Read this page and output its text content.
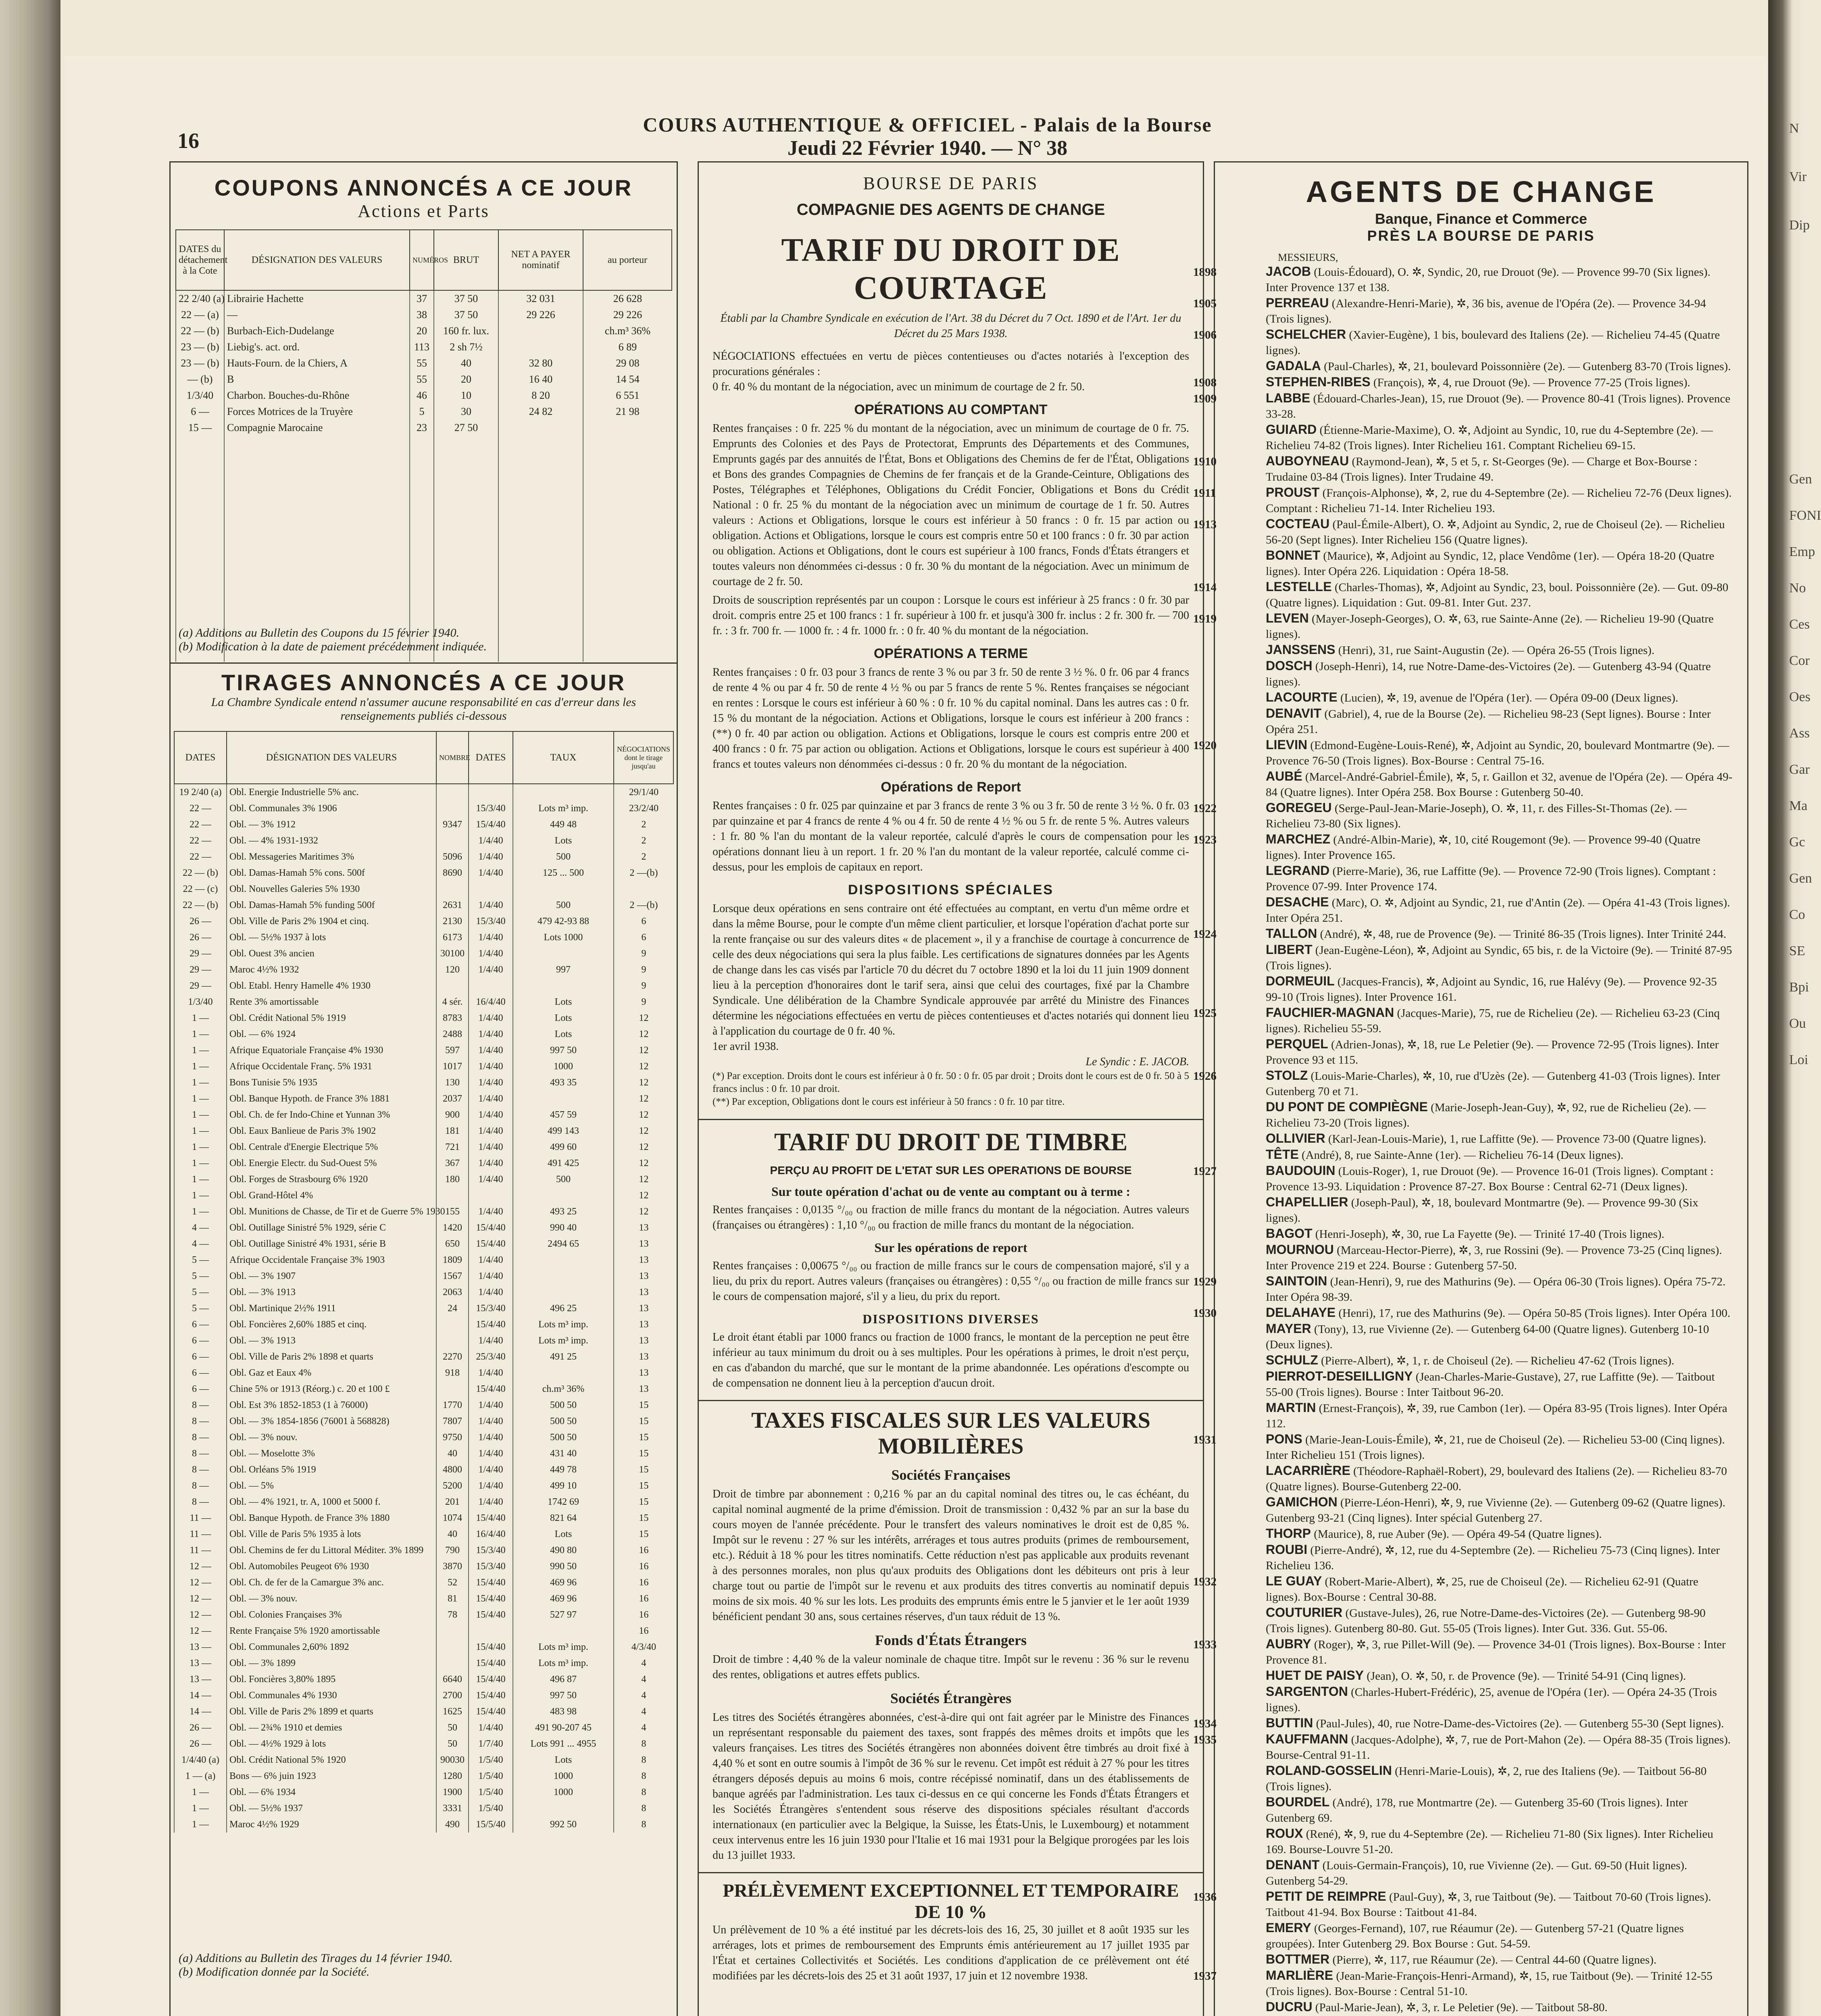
16
COURS AUTHENTIQUE & OFFICIEL - Palais de la Bourse
Jeudi 22 Février 1940. — N° 38
COUPONS ANNONCÉS A CE JOUR
Actions et Parts
DATES du détachement à la Cote	DÉSIGNATION DES VALEURS	NUMÉROS	BRUT	NET A PAYER nominatif	au porteur
22 2/40 (a)	Librairie Hachette	37	37 50	32 031	26 628
22 — (a)	—	38	37 50	29 226	29 226
22 — (b)	Burbach-Eich-Dudelange	20	160 fr. lux.		ch.m³ 36%
23 — (b)	Liebig's. act. ord.	113	2 sh 7½		6 89
23 — (b)	Hauts-Fourn. de la Chiers, A	55	40	32 80	29 08
— (b)	B	55	20	16 40	14 54
1/3/40	Charbon. Bouches-du-Rhône	46	10	8 20	6 551
6 —	Forces Motrices de la Truyère	5	30	24 82	21 98
15 —	Compagnie Marocaine	23	27 50		

(a) Additions au Bulletin des Coupons du 15 février 1940.
(b) Modification à la date de paiement précédemment indiquée.
TIRAGES ANNONCÉS A CE JOUR
La Chambre Syndicale entend n'assumer aucune responsabilité en cas d'erreur dans les renseignements publiés ci-dessous
DATES	DÉSIGNATION DES VALEURS	NOMBRE	DATES	TAUX	NÉGOCIATIONS dont le tirage jusqu'au
19 2/40 (a)	Obl. Energie Industrielle 5% anc.				29/1/40
22 —	Obl. Communales 3% 1906		15/3/40	Lots m³ imp.	23/2/40
22 —	Obl. — 3% 1912	9347	15/4/40	449 48	2
22 —	Obl. — 4% 1931-1932		1/4/40	Lots	2
22 —	Obl. Messageries Maritimes 3%	5096	1/4/40	500	2
22 — (b)	Obl. Damas-Hamah 5% cons. 500f	8690	1/4/40	125 ... 500	2 —(b)
22 — (c)	Obl. Nouvelles Galeries 5% 1930				
22 — (b)	Obl. Damas-Hamah 5% funding 500f	2631	1/4/40	500	2 —(b)
26 —	Obl. Ville de Paris 2% 1904 et cinq.	2130	15/3/40	479 42-93 88	6
26 —	Obl. — 5½% 1937 à lots	6173	1/4/40	Lots 1000	6
29 —	Obl. Ouest 3% ancien	30100	1/4/40		9
29 —	Maroc 4½% 1932	120	1/4/40	997	9
29 —	Obl. Etabl. Henry Hamelle 4% 1930				9
1/3/40	Rente 3% amortissable	4 sér.	16/4/40	Lots	9
1 —	Obl. Crédit National 5% 1919	8783	1/4/40	Lots	12
1 —	Obl. — 6% 1924	2488	1/4/40	Lots	12
1 —	Afrique Equatoriale Française 4% 1930	597	1/4/40	997 50	12
1 —	Afrique Occidentale Franç. 5% 1931	1017	1/4/40	1000	12
1 —	Bons Tunisie 5% 1935	130	1/4/40	493 35	12
1 —	Obl. Banque Hypoth. de France 3% 1881	2037	1/4/40		12
1 —	Obl. Ch. de fer Indo-Chine et Yunnan 3%	900	1/4/40	457 59	12
1 —	Obl. Eaux Banlieue de Paris 3% 1902	181	1/4/40	499 143	12
1 —	Obl. Centrale d'Energie Electrique 5%	721	1/4/40	499 60	12
1 —	Obl. Energie Electr. du Sud-Ouest 5%	367	1/4/40	491 425	12
1 —	Obl. Forges de Strasbourg 6% 1920	180	1/4/40	500	12
1 —	Obl. Grand-Hôtel 4%				12
1 —	Obl. Munitions de Chasse, de Tir et de Guerre 5% 1930	155	1/4/40	493 25	12
4 —	Obl. Outillage Sinistré 5% 1929, série C	1420	15/4/40	990 40	13
4 —	Obl. Outillage Sinistré 4% 1931, série B	650	15/4/40	2494 65	13
5 —	Afrique Occidentale Française 3% 1903	1809	1/4/40		13
5 —	Obl. — 3% 1907	1567	1/4/40		13
5 —	Obl. — 3% 1913	2063	1/4/40		13
5 —	Obl. Martinique 2½% 1911	24	15/3/40	496 25	13
6 —	Obl. Foncières 2,60% 1885 et cinq.		15/4/40	Lots m³ imp.	13
6 —	Obl. — 3% 1913		1/4/40	Lots m³ imp.	13
6 —	Obl. Ville de Paris 2% 1898 et quarts	2270	25/3/40	491 25	13
6 —	Obl. Gaz et Eaux 4%	918	1/4/40		13
6 —	Chine 5% or 1913 (Réorg.) c. 20 et 100 £		15/4/40	ch.m³ 36%	13
8 —	Obl. Est 3% 1852-1853 (1 à 76000)	1770	1/4/40	500 50	15
8 —	Obl. — 3% 1854-1856 (76001 à 568828)	7807	1/4/40	500 50	15
8 —	Obl. — 3% nouv.	9750	1/4/40	500 50	15
8 —	Obl. — Moselotte 3%	40	1/4/40	431 40	15
8 —	Obl. Orléans 5% 1919	4800	1/4/40	449 78	15
8 —	Obl. — 5%	5200	1/4/40	499 10	15
8 —	Obl. — 4% 1921, tr. A, 1000 et 5000 f.	201	1/4/40	1742 69	15
11 —	Obl. Banque Hypoth. de France 3% 1880	1074	15/4/40	821 64	15
11 —	Obl. Ville de Paris 5% 1935 à lots	40	16/4/40	Lots	15
11 —	Obl. Chemins de fer du Littoral Méditer. 3% 1899	790	15/3/40	490 80	16
12 —	Obl. Automobiles Peugeot 6% 1930	3870	15/3/40	990 50	16
12 —	Obl. Ch. de fer de la Camargue 3% anc.	52	15/4/40	469 96	16
12 —	Obl. — 3% nouv.	81	15/4/40	469 96	16
12 —	Obl. Colonies Françaises 3%	78	15/4/40	527 97	16
12 —	Rente Française 5% 1920 amortissable				16
13 —	Obl. Communales 2,60% 1892		15/4/40	Lots m³ imp.	4/3/40
13 —	Obl. — 3% 1899		15/4/40	Lots m³ imp.	4
13 —	Obl. Foncières 3,80% 1895	6640	15/4/40	496 87	4
14 —	Obl. Communales 4% 1930	2700	15/4/40	997 50	4
14 —	Obl. Ville de Paris 2% 1899 et quarts	1625	15/4/40	483 98	4
26 —	Obl. — 2¾% 1910 et demies	50	1/4/40	491 90-207 45	4
26 —	Obl. — 4½% 1929 à lots	50	1/7/40	Lots 991 ... 4955	8
1/4/40 (a)	Obl. Crédit National 5% 1920	90030	1/5/40	Lots	8
1 — (a)	Bons — 6% juin 1923	1280	1/5/40	1000	8
1 —	Obl. — 6% 1934	1900	1/5/40	1000	8
1 —	Obl. — 5½% 1937	3331	1/5/40		8
1 —	Maroc 4½% 1929	490	15/5/40	992 50	8
(a) Additions au Bulletin des Tirages du 14 février 1940.
(b) Modification donnée par la Société.
BOURSE DE PARIS
COMPAGNIE DES AGENTS DE CHANGE
TARIF DU DROIT DE COURTAGE
Établi par la Chambre Syndicale en exécution de l'Art. 38 du Décret du 7 Oct. 1890 et de l'Art. 1er du Décret du 25 Mars 1938.
NÉGOCIATIONS effectuées en vertu de pièces contentieuses ou d'actes notariés à l'exception des procurations générales :
0 fr. 40 % du montant de la négociation, avec un minimum de courtage de 2 fr. 50.
OPÉRATIONS AU COMPTANT
Rentes françaises : 0 fr. 225 % du montant de la négociation, avec un minimum de courtage de 0 fr. 75. Emprunts des Colonies et des Pays de Protectorat, Emprunts des Départements et des Communes, Emprunts gagés par des annuités de l'État, Bons et Obligations des Chemins de fer de l'État, Obligations et Bons des grandes Compagnies de Chemins de fer français et de la Grande-Ceinture, Obligations des Postes, Télégraphes et Téléphones, Obligations du Crédit Foncier, Obligations et Bons du Crédit National : 0 fr. 25 % du montant de la négociation avec un minimum de courtage de 1 fr. 50. Autres valeurs : Actions et Obligations, lorsque le cours est inférieur à 50 francs : 0 fr. 15 par action ou obligation. Actions et Obligations, lorsque le cours est compris entre 50 et 100 francs : 0 fr. 30 par action ou obligation. Actions et Obligations, dont le cours est supérieur à 100 francs, Fonds d'États étrangers et toutes valeurs non dénommées ci-dessus : 0 fr. 30 % du montant de la négociation. Avec un minimum de courtage de 2 fr. 50.
Droits de souscription représentés par un coupon : Lorsque le cours est inférieur à 25 francs : 0 fr. 30 par droit. compris entre 25 et 100 francs : 1 fr. supérieur à 100 fr. et jusqu'à 300 fr. inclus : 2 fr. 300 fr. — 700 fr. : 3 fr. 700 fr. — 1000 fr. : 4 fr. 1000 fr. : 0 fr. 40 % du montant de la négociation.
OPÉRATIONS A TERME
Rentes françaises : 0 fr. 03 pour 3 francs de rente 3 % ou par 3 fr. 50 de rente 3 ½ %. 0 fr. 06 par 4 francs de rente 4 % ou par 4 fr. 50 de rente 4 ½ % ou par 5 francs de rente 5 %. Rentes françaises se négociant en rentes : Lorsque le cours est inférieur à 60 % : 0 fr. 10 % du capital nominal. Dans les autres cas : 0 fr. 15 % du montant de la négociation. Actions et Obligations, lorsque le cours est inférieur à 200 francs : (**) 0 fr. 40 par action ou obligation. Actions et Obligations, lorsque le cours est compris entre 200 et 400 francs : 0 fr. 75 par action ou obligation. Actions et Obligations, lorsque le cours est supérieur à 400 francs et toutes valeurs non dénommées ci-dessus : 0 fr. 20 % du montant de la négociation.
Opérations de Report
Rentes françaises : 0 fr. 025 par quinzaine et par 3 francs de rente 3 % ou 3 fr. 50 de rente 3 ½ %. 0 fr. 03 par quinzaine et par 4 francs de rente 4 % ou 4 fr. 50 de rente 4 ½ % ou 5 fr. de rente 5 %. Autres valeurs : 1 fr. 80 % l'an du montant de la valeur reportée, calculé d'après le cours de compensation pour les opérations donnant lieu à un report. 1 fr. 20 % l'an du montant de la valeur reportée, calculé comme ci-dessus, pour les emplois de capitaux en report.
DISPOSITIONS SPÉCIALES
Lorsque deux opérations en sens contraire ont été effectuées au comptant, en vertu d'un même ordre et dans la même Bourse, pour le compte d'un même client particulier, et lorsque l'opération d'achat porte sur la rente française ou sur des valeurs dites « de placement », il y a franchise de courtage à concurrence de celle des deux négociations qui sera la plus faible. Les certifications de signatures données par les Agents de change dans les cas visés par l'article 70 du décret du 7 octobre 1890 et la loi du 11 juin 1909 donnent lieu à la perception d'honoraires dont le tarif sera, ainsi que celui des courtages, fixé par la Chambre Syndicale. Une délibération de la Chambre Syndicale approuvée par arrêté du Ministre des Finances détermine les négociations effectuées en vertu de pièces contentieuses et d'actes notariés qui donnent lieu à l'application du courtage de 0 fr. 40 %.
1er avril 1938.
Le Syndic : E. JACOB.
(*) Par exception. Droits dont le cours est inférieur à 0 fr. 50 : 0 fr. 05 par droit ; Droits dont le cours est de 0 fr. 50 à 5 francs inclus : 0 fr. 10 par droit.
(**) Par exception, Obligations dont le cours est inférieur à 50 francs : 0 fr. 10 par titre.
TARIF DU DROIT DE TIMBRE
PERÇU AU PROFIT DE L'ETAT SUR LES OPERATIONS DE BOURSE
Sur toute opération d'achat ou de vente au comptant ou à terme :
Rentes françaises : 0,0135 °/₀₀ ou fraction de mille francs du montant de la négociation. Autres valeurs (françaises ou étrangères) : 1,10 °/₀₀ ou fraction de mille francs du montant de la négociation.
Sur les opérations de report
Rentes françaises : 0,00675 °/₀₀ ou fraction de mille francs sur le cours de compensation majoré, s'il y a lieu, du prix du report. Autres valeurs (françaises ou étrangères) : 0,55 °/₀₀ ou fraction de mille francs sur le cours de compensation majoré, s'il y a lieu, du prix du report.
DISPOSITIONS DIVERSES
Le droit étant établi par 1000 francs ou fraction de 1000 francs, le montant de la perception ne peut être inférieur au taux minimum du droit ou à ses multiples. Pour les opérations à primes, le droit n'est perçu, en cas d'abandon du marché, que sur le montant de la prime abandonnée. Les opérations d'escompte ou de compensation ne donnent lieu à la perception d'aucun droit.
TAXES FISCALES SUR LES VALEURS MOBILIÈRES
Sociétés Françaises
Droit de timbre par abonnement : 0,216 % par an du capital nominal des titres ou, le cas échéant, du capital nominal augmenté de la prime d'émission. Droit de transmission : 0,432 % par an sur la base du cours moyen de l'année précédente. Pour le transfert des valeurs nominatives le droit est de 0,85 %. Impôt sur le revenu : 27 % sur les intérêts, arrérages et tous autres produits (primes de remboursement, etc.). Réduit à 18 % pour les titres nominatifs. Cette réduction n'est pas applicable aux produits revenant à des personnes morales, non plus qu'aux produits des Obligations dont les débiteurs ont pris à leur charge tout ou partie de l'impôt sur le revenu et aux produits des titres convertis au nominatif depuis moins de six mois. 40 % sur les lots. Les produits des emprunts émis entre le 5 janvier et le 1er août 1939 bénéficient pendant 30 ans, sous certaines réserves, d'un taux réduit de 13 %.
Fonds d'États Étrangers
Droit de timbre : 4,40 % de la valeur nominale de chaque titre. Impôt sur le revenu : 36 % sur le revenu des rentes, obligations et autres effets publics.
Sociétés Étrangères
Les titres des Sociétés étrangères abonnées, c'est-à-dire qui ont fait agréer par le Ministre des Finances un représentant responsable du paiement des taxes, sont frappés des mêmes droits et impôts que les valeurs françaises. Les titres des Sociétés étrangères non abonnées doivent être timbrés au droit fixé à 4,40 % et sont en outre soumis à l'impôt de 36 % sur le revenu. Cet impôt est réduit à 27 % pour les titres étrangers déposés depuis au moins 6 mois, contre récépissé nominatif, dans un des établissements de banque agréés par l'administration. Les taux ci-dessus en ce qui concerne les Fonds d'États Étrangers et les Sociétés Étrangères s'entendent sous réserve des dispositions spéciales résultant d'accords internationaux (en particulier avec la Belgique, la Suisse, les États-Unis, le Luxembourg) et notamment ceux intervenus entre les 16 juin 1930 pour l'Italie et 16 mai 1931 pour la Belgique prorogées par les lois du 13 juillet 1933.
PRÉLÈVEMENT EXCEPTIONNEL ET TEMPORAIRE DE 10 %
Un prélèvement de 10 % a été institué par les décrets-lois des 16, 25, 30 juillet et 8 août 1935 sur les arrérages, lots et primes de remboursement des Emprunts émis antérieurement au 17 juillet 1935 par l'État et certaines Collectivités et Sociétés. Les conditions d'application de ce prélèvement ont été modifiées par les décrets-lois des 25 et 31 août 1937, 17 juin et 12 novembre 1938.
AGENTS DE CHANGE
Banque, Finance et Commerce
PRÈS LA BOURSE DE PARIS
MESSIEURS,
1898	JACOB (Louis-Édouard), O. ✲, Syndic, 20, rue Drouot (9e). — Provence 99-70 (Six lignes). Inter Provence 137 et 138.
1905	PERREAU (Alexandre-Henri-Marie), ✲, 36 bis, avenue de l'Opéra (2e). — Provence 34-94 (Trois lignes).
1906	SCHELCHER (Xavier-Eugène), 1 bis, boulevard des Italiens (2e). — Richelieu 74-45 (Quatre lignes).
GADALA (Paul-Charles), ✲, 21, boulevard Poissonnière (2e). — Gutenberg 83-70 (Trois lignes).
1908	STEPHEN-RIBES (François), ✲, 4, rue Drouot (9e). — Provence 77-25 (Trois lignes).
1909	LABBE (Édouard-Charles-Jean), 15, rue Drouot (9e). — Provence 80-41 (Trois lignes). Provence 33-28.
GUIARD (Étienne-Marie-Maxime), O. ✲, Adjoint au Syndic, 10, rue du 4-Septembre (2e). — Richelieu 74-82 (Trois lignes). Inter Richelieu 161. Comptant Richelieu 69-15.
1910	AUBOYNEAU (Raymond-Jean), ✲, 5 et 5, r. St-Georges (9e). — Charge et Box-Bourse : Trudaine 03-84 (Trois lignes). Inter Trudaine 49.
1911	PROUST (François-Alphonse), ✲, 2, rue du 4-Septembre (2e). — Richelieu 72-76 (Deux lignes). Comptant : Richelieu 71-14. Inter Richelieu 193.
1913	COCTEAU (Paul-Émile-Albert), O. ✲, Adjoint au Syndic, 2, rue de Choiseul (2e). — Richelieu 56-20 (Sept lignes). Inter Richelieu 156 (Quatre lignes).
BONNET (Maurice), ✲, Adjoint au Syndic, 12, place Vendôme (1er). — Opéra 18-20 (Quatre lignes). Inter Opéra 226. Liquidation : Opéra 18-58.
1914	LESTELLE (Charles-Thomas), ✲, Adjoint au Syndic, 23, boul. Poissonnière (2e). — Gut. 09-80 (Quatre lignes). Liquidation : Gut. 09-81. Inter Gut. 237.
1919	LEVEN (Mayer-Joseph-Georges), O. ✲, 63, rue Sainte-Anne (2e). — Richelieu 19-90 (Quatre lignes).
JANSSENS (Henri), 31, rue Saint-Augustin (2e). — Opéra 26-55 (Trois lignes).
DOSCH (Joseph-Henri), 14, rue Notre-Dame-des-Victoires (2e). — Gutenberg 43-94 (Quatre lignes).
LACOURTE (Lucien), ✲, 19, avenue de l'Opéra (1er). — Opéra 09-00 (Deux lignes).
DENAVIT (Gabriel), 4, rue de la Bourse (2e). — Richelieu 98-23 (Sept lignes). Bourse : Inter Opéra 251.
1920	LIEVIN (Edmond-Eugène-Louis-René), ✲, Adjoint au Syndic, 20, boulevard Montmartre (9e). — Provence 76-50 (Trois lignes). Box-Bourse : Central 75-16.
AUBÉ (Marcel-André-Gabriel-Émile), ✲, 5, r. Gaillon et 32, avenue de l'Opéra (2e). — Opéra 49-84 (Quatre lignes). Inter Opéra 258. Box Bourse : Gutenberg 50-40.
1922	GOREGEU (Serge-Paul-Jean-Marie-Joseph), O. ✲, 11, r. des Filles-St-Thomas (2e). — Richelieu 73-80 (Six lignes).
1923	MARCHEZ (André-Albin-Marie), ✲, 10, cité Rougemont (9e). — Provence 99-40 (Quatre lignes). Inter Provence 165.
LEGRAND (Pierre-Marie), 36, rue Laffitte (9e). — Provence 72-90 (Trois lignes). Comptant : Provence 07-99. Inter Provence 174.
DESACHE (Marc), O. ✲, Adjoint au Syndic, 21, rue d'Antin (2e). — Opéra 41-43 (Trois lignes). Inter Opéra 251.
1924	TALLON (André), ✲, 48, rue de Provence (9e). — Trinité 86-35 (Trois lignes). Inter Trinité 244.
LIBERT (Jean-Eugène-Léon), ✲, Adjoint au Syndic, 65 bis, r. de la Victoire (9e). — Trinité 87-95 (Trois lignes).
DORMEUIL (Jacques-Francis), ✲, Adjoint au Syndic, 16, rue Halévy (9e). — Provence 92-35 99-10 (Trois lignes). Inter Provence 161.
1925	FAUCHIER-MAGNAN (Jacques-Marie), 75, rue de Richelieu (2e). — Richelieu 63-23 (Cinq lignes). Richelieu 55-59.
PERQUEL (Adrien-Jonas), ✲, 18, rue Le Peletier (9e). — Provence 72-95 (Trois lignes). Inter Provence 93 et 115.
1926	STOLZ (Louis-Marie-Charles), ✲, 10, rue d'Uzès (2e). — Gutenberg 41-03 (Trois lignes). Inter Gutenberg 70 et 71.
DU PONT DE COMPIÈGNE (Marie-Joseph-Jean-Guy), ✲, 92, rue de Richelieu (2e). — Richelieu 73-20 (Trois lignes).
OLLIVIER (Karl-Jean-Louis-Marie), 1, rue Laffitte (9e). — Provence 73-00 (Quatre lignes).
TÊTE (André), 8, rue Sainte-Anne (1er). — Richelieu 76-14 (Deux lignes).
1927	BAUDOUIN (Louis-Roger), 1, rue Drouot (9e). — Provence 16-01 (Trois lignes). Comptant : Provence 13-93. Liquidation : Provence 87-27. Box Bourse : Central 62-71 (Deux lignes).
CHAPELLIER (Joseph-Paul), ✲, 18, boulevard Montmartre (9e). — Provence 99-30 (Six lignes).
BAGOT (Henri-Joseph), ✲, 30, rue La Fayette (9e). — Trinité 17-40 (Trois lignes).
MOURNOU (Marceau-Hector-Pierre), ✲, 3, rue Rossini (9e). — Provence 73-25 (Cinq lignes). Inter Provence 219 et 224. Bourse : Gutenberg 57-50.
1929	SAINTOIN (Jean-Henri), 9, rue des Mathurins (9e). — Opéra 06-30 (Trois lignes). Opéra 75-72. Inter Opéra 98-39.
1930	DELAHAYE (Henri), 17, rue des Mathurins (9e). — Opéra 50-85 (Trois lignes). Inter Opéra 100.
MAYER (Tony), 13, rue Vivienne (2e). — Gutenberg 64-00 (Quatre lignes). Gutenberg 10-10 (Deux lignes).
SCHULZ (Pierre-Albert), ✲, 1, r. de Choiseul (2e). — Richelieu 47-62 (Trois lignes).
PIERROT-DESEILLIGNY (Jean-Charles-Marie-Gustave), 27, rue Laffitte (9e). — Taitbout 55-00 (Trois lignes). Bourse : Inter Taitbout 96-20.
MARTIN (Ernest-François), ✲, 39, rue Cambon (1er). — Opéra 83-95 (Trois lignes). Inter Opéra 112.
1931	PONS (Marie-Jean-Louis-Émile), ✲, 21, rue de Choiseul (2e). — Richelieu 53-00 (Cinq lignes). Inter Richelieu 151 (Trois lignes).
LACARRIÈRE (Théodore-Raphaël-Robert), 29, boulevard des Italiens (2e). — Richelieu 83-70 (Quatre lignes). Bourse-Gutenberg 22-00.
GAMICHON (Pierre-Léon-Henri), ✲, 9, rue Vivienne (2e). — Gutenberg 09-62 (Quatre lignes). Gutenberg 93-21 (Cinq lignes). Inter spécial Gutenberg 27.
THORP (Maurice), 8, rue Auber (9e). — Opéra 49-54 (Quatre lignes).
ROUBI (Pierre-André), ✲, 12, rue du 4-Septembre (2e). — Richelieu 75-73 (Cinq lignes). Inter Richelieu 136.
1932	LE GUAY (Robert-Marie-Albert), ✲, 25, rue de Choiseul (2e). — Richelieu 62-91 (Quatre lignes). Box-Bourse : Central 30-88.
COUTURIER (Gustave-Jules), 26, rue Notre-Dame-des-Victoires (2e). — Gutenberg 98-90 (Trois lignes). Gutenberg 80-80. Gut. 55-05 (Trois lignes). Inter Gut. 336. Gut. 55-06.
1933	AUBRY (Roger), ✲, 3, rue Pillet-Will (9e). — Provence 34-01 (Trois lignes). Box-Bourse : Inter Provence 81.
HUET DE PAISY (Jean), O. ✲, 50, r. de Provence (9e). — Trinité 54-91 (Cinq lignes).
SARGENTON (Charles-Hubert-Frédéric), 25, avenue de l'Opéra (1er). — Opéra 24-35 (Trois lignes).
1934	BUTTIN (Paul-Jules), 40, rue Notre-Dame-des-Victoires (2e). — Gutenberg 55-30 (Sept lignes).
1935	KAUFFMANN (Jacques-Adolphe), ✲, 7, rue de Port-Mahon (2e). — Opéra 88-35 (Trois lignes). Bourse-Central 91-11.
ROLAND-GOSSELIN (Henri-Marie-Louis), ✲, 2, rue des Italiens (9e). — Taitbout 56-80 (Trois lignes).
BOURDEL (André), 178, rue Montmartre (2e). — Gutenberg 35-60 (Trois lignes). Inter Gutenberg 69.
ROUX (René), ✲, 9, rue du 4-Septembre (2e). — Richelieu 71-80 (Six lignes). Inter Richelieu 169. Bourse-Louvre 51-20.
DENANT (Louis-Germain-François), 10, rue Vivienne (2e). — Gut. 69-50 (Huit lignes). Gutenberg 54-29.
1936	PETIT DE REIMPRE (Paul-Guy), ✲, 3, rue Taitbout (9e). — Taitbout 70-60 (Trois lignes). Taitbout 41-94. Box Bourse : Taitbout 41-84.
EMERY (Georges-Fernand), 107, rue Réaumur (2e). — Gutenberg 57-21 (Quatre lignes groupées). Inter Gutenberg 29. Box Bourse : Gut. 54-59.
BOTTMER (Pierre), ✲, 117, rue Réaumur (2e). — Central 44-60 (Quatre lignes).
1937	MARLIÈRE (Jean-Marie-François-Henri-Armand), ✲, 15, rue Taitbout (9e). — Trinité 12-55 (Trois lignes). Box-Bourse : Central 51-10.
DUCRU (Paul-Marie-Jean), ✲, 3, r. Le Peletier (9e). — Taitbout 58-80.
N
Vir
Dip
Gen
FONI
Emp
No
Ces
Cor
Oes
Ass
Gar
Ma
Gc
Gen
Co
SE
Bpi
Ou
Loi
